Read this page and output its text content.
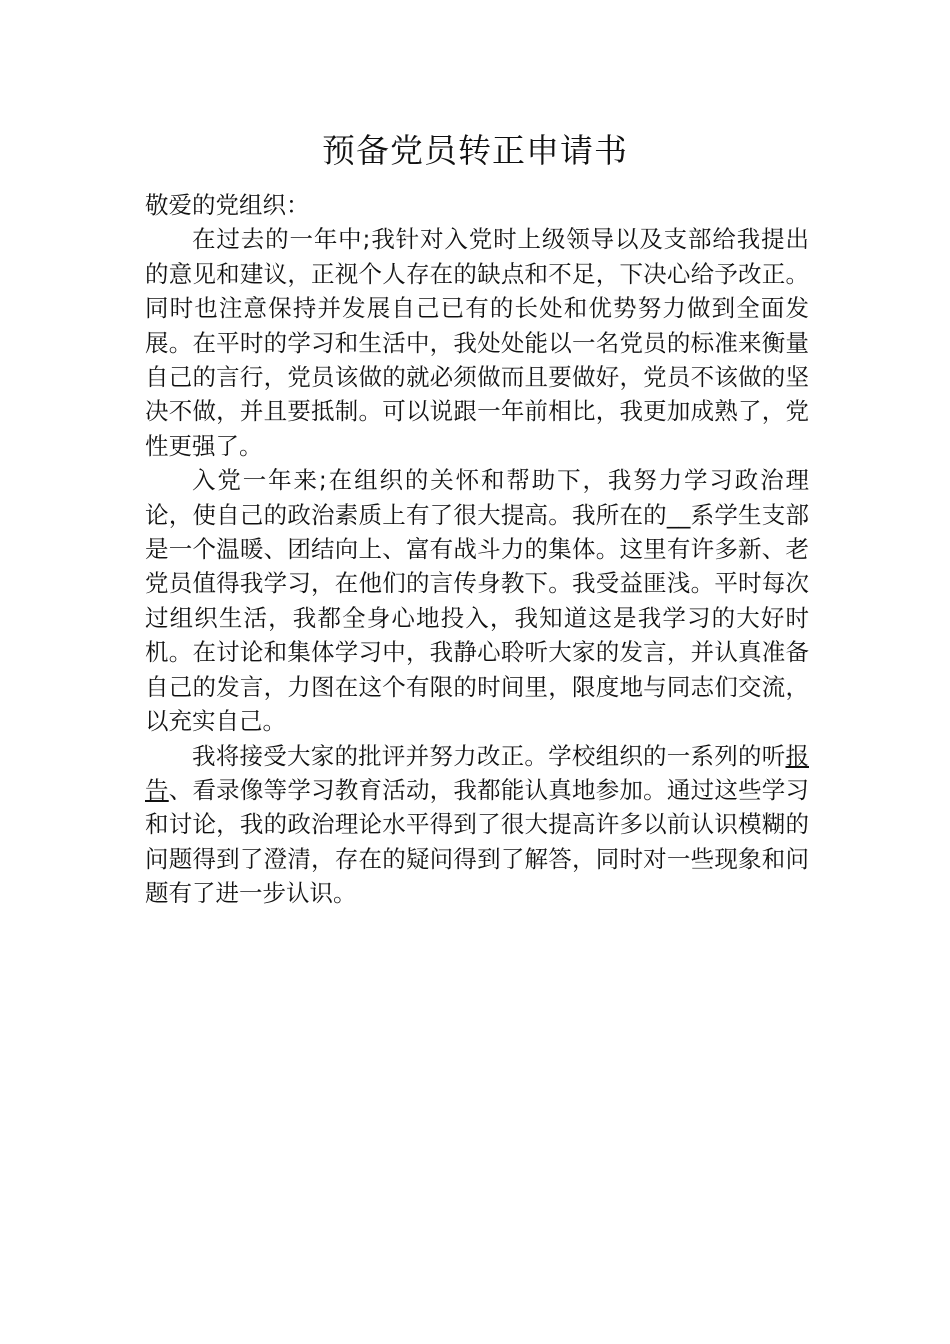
预备党员转正申请书

敬爱的党组织：

在过去的一年中;我针对入党时上级领导以及支部给我提出的意见和建议，正视个人存在的缺点和不足，下决心给予改正。同时也注意保持并发展自己已有的长处和优势努力做到全面发展。在平时的学习和生活中，我处处能以一名党员的标准来衡量自己的言行，党员该做的就必须做而且要做好，党员不该做的坚决不做，并且要抵制。可以说跟一年前相比，我更加成熟了，党性更强了。

入党一年来;在组织的关怀和帮助下，我努力学习政治理论，使自己的政治素质上有了很大提高。我所在的__系学生支部是一个温暖、团结向上、富有战斗力的集体。这里有许多新、老党员值得我学习，在他们的言传身教下。我受益匪浅。平时每次过组织生活，我都全身心地投入，我知道这是我学习的大好时机。在讨论和集体学习中，我静心聆听大家的发言，并认真准备自己的发言，力图在这个有限的时间里，限度地与同志们交流，以充实自己。

我将接受大家的批评并努力改正。学校组织的一系列的听报告、看录像等学习教育活动，我都能认真地参加。通过这些学习和讨论，我的政治理论水平得到了很大提高许多以前认识模糊的问题得到了澄清，存在的疑问得到了解答，同时对一些现象和问题有了进一步认识。
